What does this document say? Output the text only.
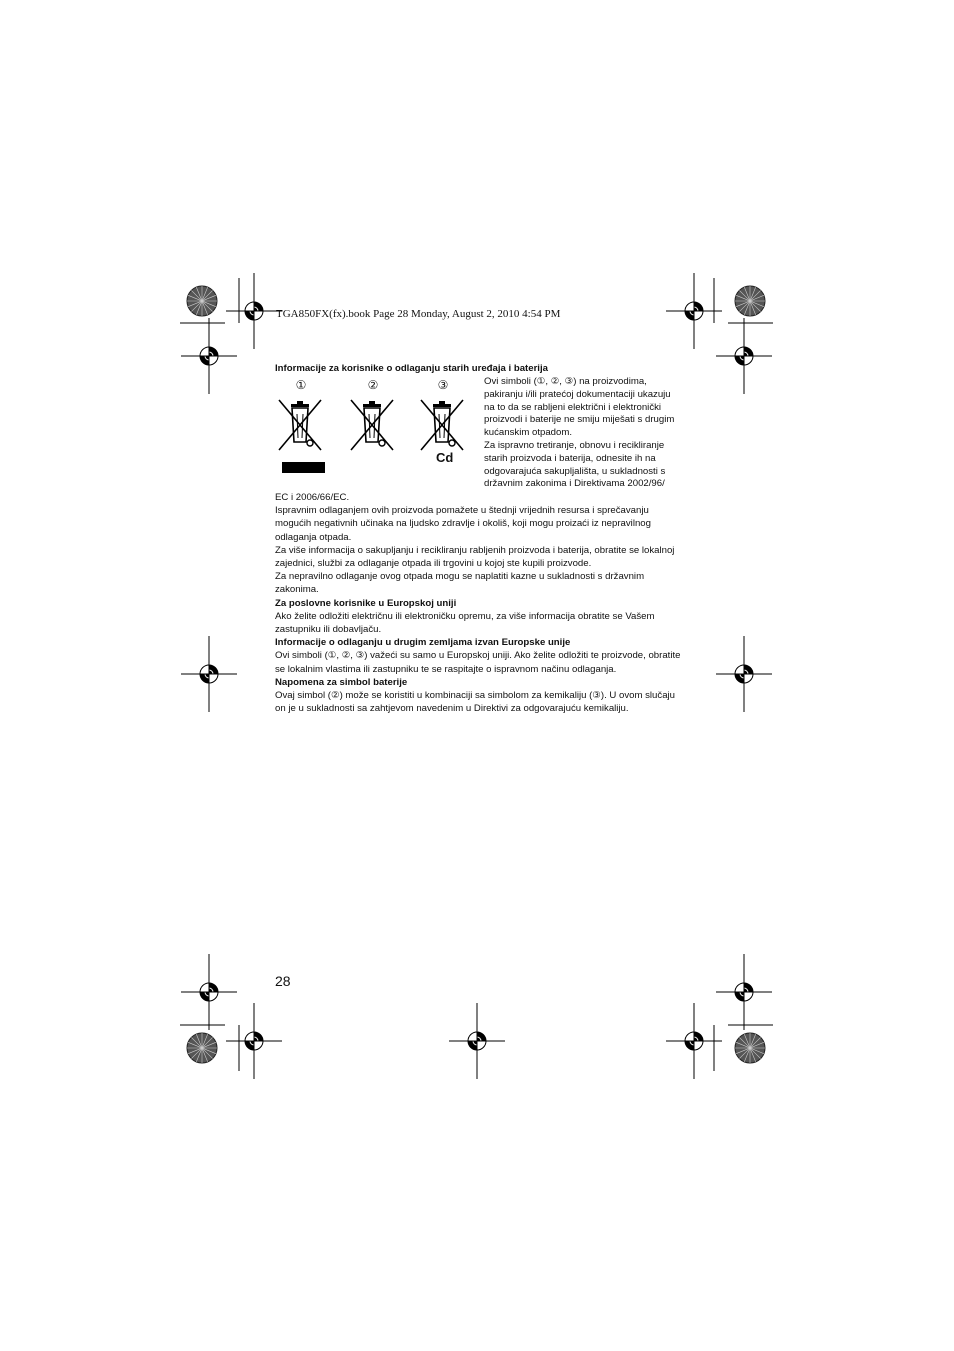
TGA850FX(fx).book Page 28 Monday, August 2, 2010 4:54 PM
Informacije za korisnike o odlaganju starih uređaja i baterija
①	②	③
Cd

Ovi simboli (①, ②, ③) na proizvodima, pakiranju i/ili pratećoj dokumentaciji ukazuju na to da se rabljeni električni i elektronički proizvodi i baterije ne smiju miješati s drugim kućanskim otpadom.

Za ispravno tretiranje, obnovu i recikliranje starih proizvoda i baterija, odnesite ih na odgovarajuća sakupljališta, u sukladnosti s državnim zakonima i Direktivama 2002/96/

EC i 2006/66/EC.

Ispravnim odlaganjem ovih proizvoda pomažete u štednji vrijednih resursa i sprečavanju mogućih negativnih učinaka na ljudsko zdravlje i okoliš, koji mogu proizaći iz nepravilnog odlaganja otpada.

Za više informacija o sakupljanju i recikliranju rabljenih proizvoda i baterija, obratite se lokalnoj zajednici, službi za odlaganje otpada ili trgovini u kojoj ste kupili proizvode.

Za nepravilno odlaganje ovog otpada mogu se naplatiti kazne u sukladnosti s državnim zakonima.

Za poslovne korisnike u Europskoj uniji

Ako želite odložiti električnu ili elektroničku opremu, za više informacija obratite se Vašem zastupniku ili dobavljaču.

Informacije o odlaganju u drugim zemljama izvan Europske unije

Ovi simboli (①, ②, ③) važeći su samo u Europskoj uniji. Ako želite odložiti te proizvode, obratite se lokalnim vlastima ili zastupniku te se raspitajte o ispravnom načinu odlaganja.

Napomena za simbol baterije

Ovaj simbol (②) može se koristiti u kombinaciji sa simbolom za kemikaliju (③). U ovom slučaju on je u sukladnosti sa zahtjevom navedenim u Direktivi za odgovarajuću kemikaliju.

28
